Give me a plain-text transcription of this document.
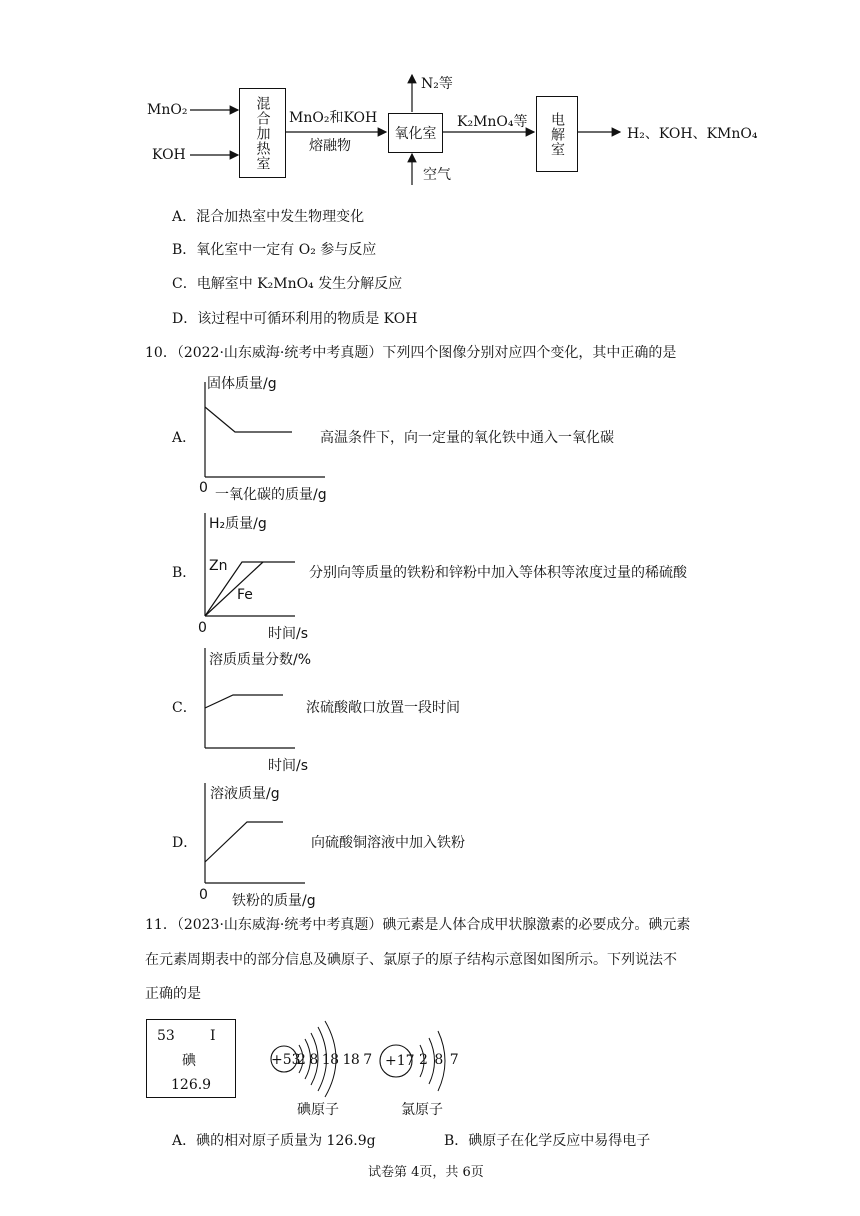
MnO₂
KOH	混合加热室 MnO₂和KOH
熔融物
氧化室
N₂等
空气
K₂MnO₄等 电解室	H₂、KOH、KMnO₄
A．混合加热室中发生物理变化
B．氧化室中一定有 O₂ 参与反应
C．电解室中 K₂MnO₄ 发生分解反应
D．该过程中可循环利用的物质是 KOH
10．（2022·山东威海·统考中考真题）下列四个图像分别对应四个变化，其中正确的是
A．
固体质量/g
0 一氧化碳的质量/g
高温条件下，向一定量的氧化铁中通入一氧化碳
B．
H₂质量/g
Zn
Fe
0	时间/s
分别向等质量的铁粉和锌粉中加入等体积等浓度过量的稀硫酸
C．
溶质质量分数/%
时间/s
浓硫酸敞口放置一段时间
D．
溶液质量/g
0 铁粉的质量/g
向硫酸铜溶液中加入铁粉
11．（2023·山东威海·统考中考真题）碘元素是人体合成甲状腺激素的必要成分。碘元素
在元素周期表中的部分信息及碘原子、氯原子的原子结构示意图如图所示。下列说法不
正确的是
53	I
碘
126.9
+53
2 8 18 18 7
碘原子
+17 2 8 7
氯原子
A．碘的相对原子质量为 126.9g	B．碘原子在化学反应中易得电子
试卷第 4页，共 6页
